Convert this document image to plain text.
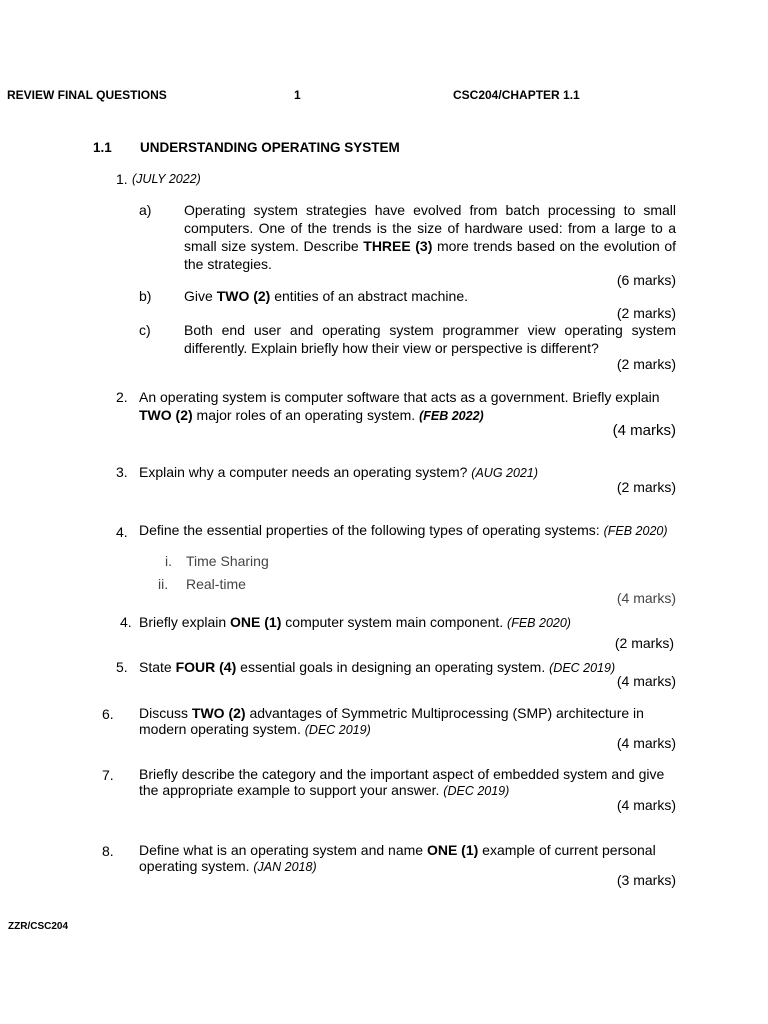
REVIEW FINAL QUESTIONS	1	CSC204/CHAPTER 1.1
1.1 UNDERSTANDING OPERATING SYSTEM
1. (JULY 2022)
a) Operating system strategies have evolved from batch processing to small computers. One of the trends is the size of hardware used: from a large to a small size system. Describe THREE (3) more trends based on the evolution of the strategies.
(6 marks)
b) Give TWO (2) entities of an abstract machine.
(2 marks)
c) Both end user and operating system programmer view operating system differently. Explain briefly how their view or perspective is different?
(2 marks)
2. An operating system is computer software that acts as a government. Briefly explain TWO (2) major roles of an operating system. (FEB 2022)
(4 marks)
3. Explain why a computer needs an operating system? (AUG 2021)
(2 marks)
4. Define the essential properties of the following types of operating systems: (FEB 2020)
i. Time Sharing
ii. Real-time
(4 marks)
4. Briefly explain ONE (1) computer system main component. (FEB 2020)
(2 marks)
5. State FOUR (4) essential goals in designing an operating system. (DEC 2019)
(4 marks)
6. Discuss TWO (2) advantages of Symmetric Multiprocessing (SMP) architecture in modern operating system. (DEC 2019)
(4 marks)
7. Briefly describe the category and the important aspect of embedded system and give the appropriate example to support your answer. (DEC 2019)
(4 marks)
8. Define what is an operating system and name ONE (1) example of current personal operating system. (JAN 2018)
(3 marks)
ZZR/CSC204
